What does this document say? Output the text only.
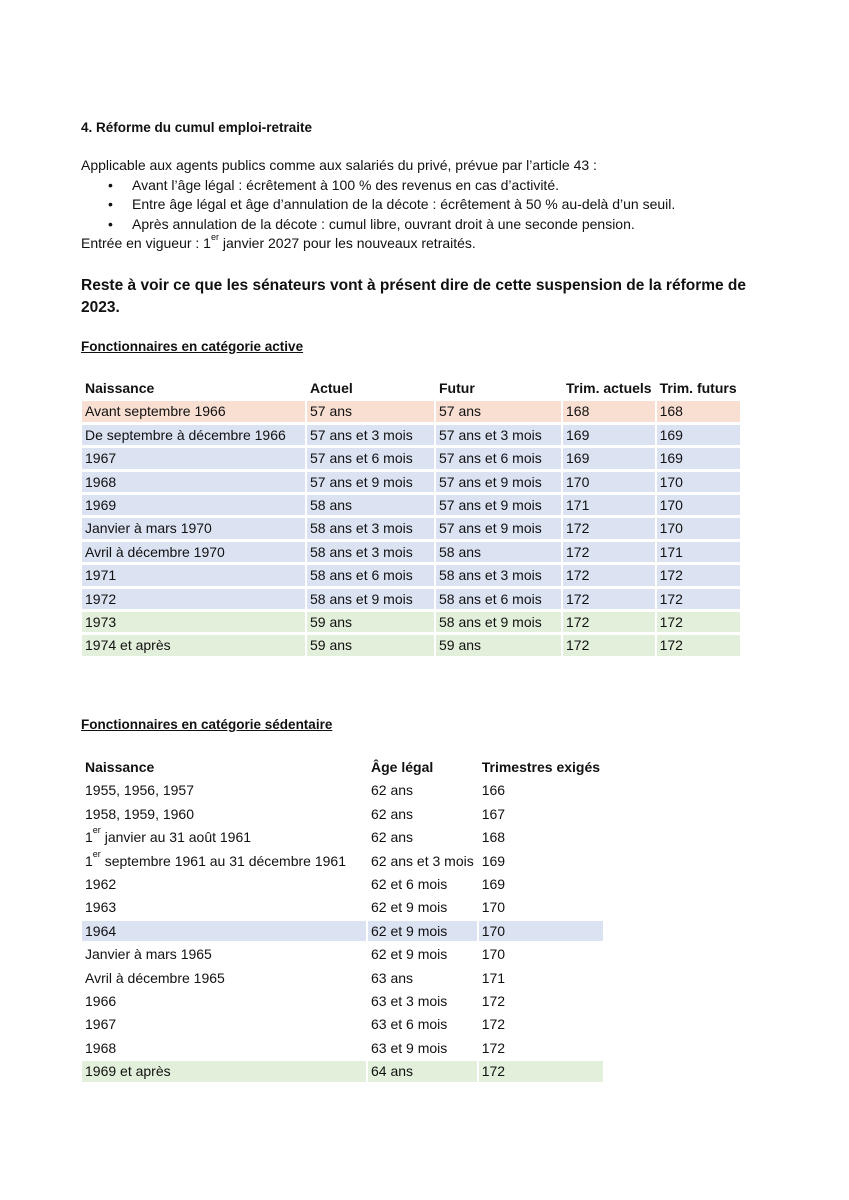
4. Réforme du cumul emploi-retraite

Applicable aux agents publics comme aux salariés du privé, prévue par l’article 43 :
• Avant l’âge légal : écrêtement à 100 % des revenus en cas d’activité.
• Entre âge légal et âge d’annulation de la décote : écrêtement à 50 % au-delà d’un seuil.
• Après annulation de la décote : cumul libre, ouvrant droit à une seconde pension.
Entrée en vigueur : 1er janvier 2027 pour les nouveaux retraités.
Reste à voir ce que les sénateurs vont à présent dire de cette suspension de la réforme de 2023.
Fonctionnaires en catégorie active
Naissance	Actuel	Futur	Trim. actuels	Trim. futurs
Avant septembre 1966	57 ans	57 ans	168	168
De septembre à décembre 1966	57 ans et 3 mois	57 ans et 3 mois	169	169
1967	57 ans et 6 mois	57 ans et 6 mois	169	169
1968	57 ans et 9 mois	57 ans et 9 mois	170	170
1969	58 ans	57 ans et 9 mois	171	170
Janvier à mars 1970	58 ans et 3 mois	57 ans et 9 mois	172	170
Avril à décembre 1970	58 ans et 3 mois	58 ans	172	171
1971	58 ans et 6 mois	58 ans et 3 mois	172	172
1972	58 ans et 9 mois	58 ans et 6 mois	172	172
1973	59 ans	58 ans et 9 mois	172	172
1974 et après	59 ans	59 ans	172	172
Fonctionnaires en catégorie sédentaire
Naissance	Âge légal	Trimestres exigés
1955, 1956, 1957	62 ans	166
1958, 1959, 1960	62 ans	167
1er janvier au 31 août 1961	62 ans	168
1er septembre 1961 au 31 décembre 1961	62 ans et 3 mois	169
1962	62 et 6 mois	169
1963	62 et 9 mois	170
1964	62 et 9 mois	170
Janvier à mars 1965	62 et 9 mois	170
Avril à décembre 1965	63 ans	171
1966	63 et 3 mois	172
1967	63 et 6 mois	172
1968	63 et 9 mois	172
1969 et après	64 ans	172
